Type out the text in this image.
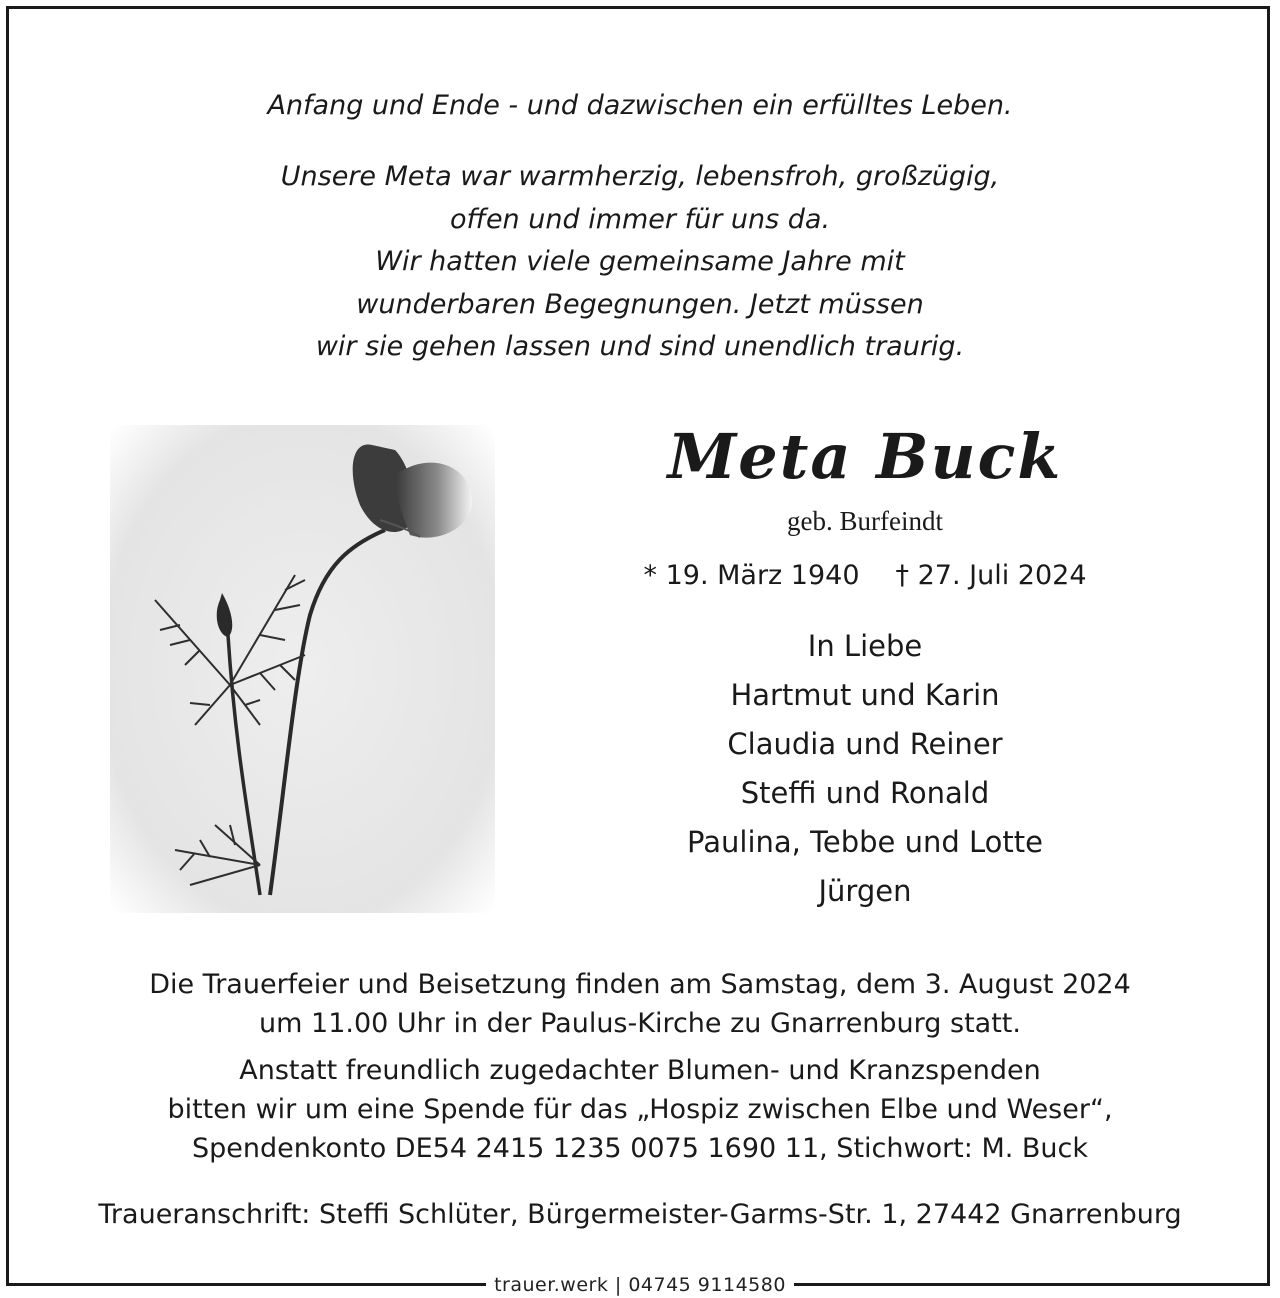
Anfang und Ende - und dazwischen ein erfülltes Leben.
Unsere Meta war warmherzig, lebensfroh, großzügig,
offen und immer für uns da.
Wir hatten viele gemeinsame Jahre mit
wunderbaren Begegnungen. Jetzt müssen
wir sie gehen lassen und sind unendlich traurig.
Meta Buck
geb. Burfeindt
* 19. März 1940 † 27. Juli 2024
In Liebe
Hartmut und Karin
Claudia und Reiner
Steffi und Ronald
Paulina, Tebbe und Lotte
Jürgen
Die Trauerfeier und Beisetzung finden am Samstag, dem 3. August 2024
um 11.00 Uhr in der Paulus-Kirche zu Gnarrenburg statt.
Anstatt freundlich zugedachter Blumen- und Kranzspenden
bitten wir um eine Spende für das „Hospiz zwischen Elbe und Weser“,
Spendenkonto DE54 2415 1235 0075 1690 11, Stichwort: M. Buck
Traueranschrift: Steffi Schlüter, Bürgermeister-Garms-Str. 1, 27442 Gnarrenburg
trauer.werk | 04745 9114580
